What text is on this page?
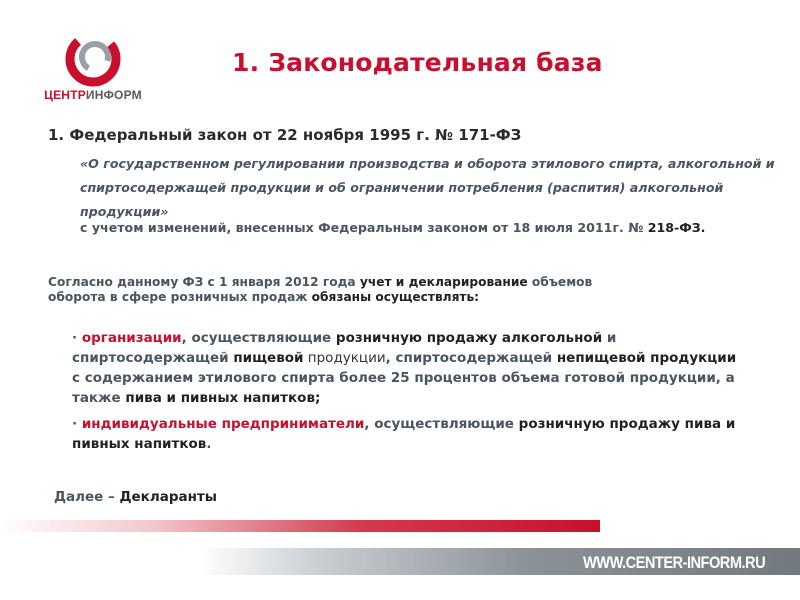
ЦЕНТРИНФОРМ
1. Законодательная база
1. Федеральный закон от 22 ноября 1995 г. № 171-ФЗ
«О государственном регулировании производства и оборота этилового спирта, алкогольной и спиртосодержащей продукции и об ограничении потребления (распития) алкогольной продукции»
с учетом изменений, внесенных Федеральным законом от 18 июля 2011г. № 218-ФЗ.
Согласно данному ФЗ с 1 января 2012 года учет и декларирование объемов оборота в сфере розничных продаж обязаны осуществлять:

· организации, осуществляющие розничную продажу алкогольной и спиртосодержащей пищевой продукции, спиртосодержащей непищевой продукции с содержанием этилового спирта более 25 процентов объема готовой продукции, а также пива и пивных напитков;

· индивидуальные предприниматели, осуществляющие розничную продажу пива и пивных напитков.

Далее – Декларанты
WWW.CENTER-INFORM.RU
